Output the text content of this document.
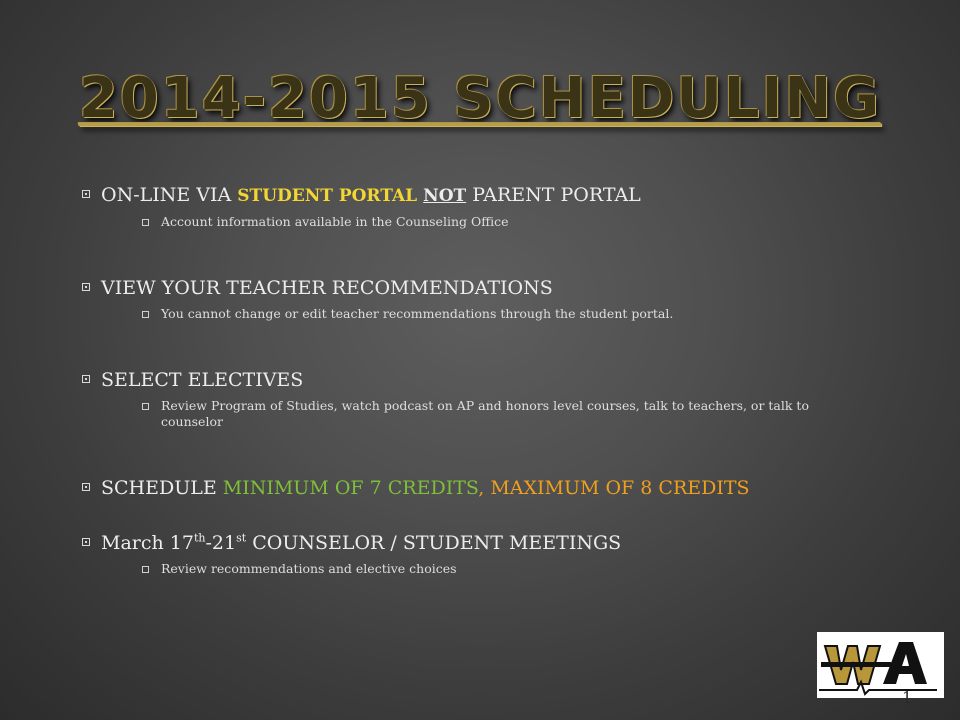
2014-2015 SCHEDULING
ON-LINE VIA STUDENT PORTAL NOT PARENT PORTAL
Account information available in the Counseling Office
VIEW YOUR TEACHER RECOMMENDATIONS
You cannot change or edit teacher recommendations through the student portal.
SELECT ELECTIVES
Review Program of Studies, watch podcast on AP and honors level courses, talk to teachers, or talk to counselor
SCHEDULE MINIMUM OF 7 CREDITS, MAXIMUM OF 8 CREDITS
March 17th-21st COUNSELOR / STUDENT MEETINGS
Review recommendations and elective choices
1
